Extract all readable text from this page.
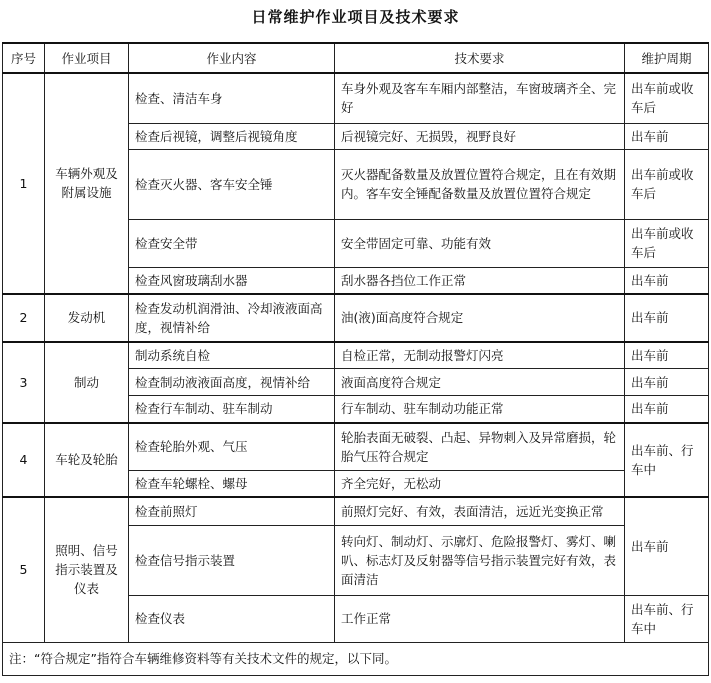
日常维护作业项目及技术要求
序号	作业项目	作业内容	技术要求	维护周期
1	车辆外观及附属设施	检查、清洁车身	车身外观及客车车厢内部整洁，车窗玻璃齐全、完好	出车前或收车后
		检查后视镜，调整后视镜角度	后视镜完好、无损毁，视野良好	出车前
		检查灭火器、客车安全锤	灭火器配备数量及放置位置符合规定，且在有效期内。客车安全锤配备数量及放置位置符合规定	出车前或收车后
		检查安全带	安全带固定可靠、功能有效	出车前或收车后
		检查风窗玻璃刮水器	刮水器各挡位工作正常	出车前
2	发动机	检查发动机润滑油、冷却液液面高度，视情补给	油(液)面高度符合规定	出车前
3	制动	制动系统自检	自检正常，无制动报警灯闪亮	出车前
		检查制动液液面高度，视情补给	液面高度符合规定	出车前
		检查行车制动、驻车制动	行车制动、驻车制动功能正常	出车前
4	车轮及轮胎	检查轮胎外观、气压	轮胎表面无破裂、凸起、异物刺入及异常磨损，轮胎气压符合规定	出车前、行车中
		检查车轮螺栓、螺母	齐全完好，无松动	
5	照明、信号指示装置及仪表	检查前照灯	前照灯完好、有效，表面清洁，远近光变换正常	出车前
		检查信号指示装置	转向灯、制动灯、示廓灯、危险报警灯、雾灯、喇叭、标志灯及反射器等信号指示装置完好有效，表面清洁	
		检查仪表	工作正常	出车前、行车中
注：“符合规定”指符合车辆维修资料等有关技术文件的规定，以下同。				
